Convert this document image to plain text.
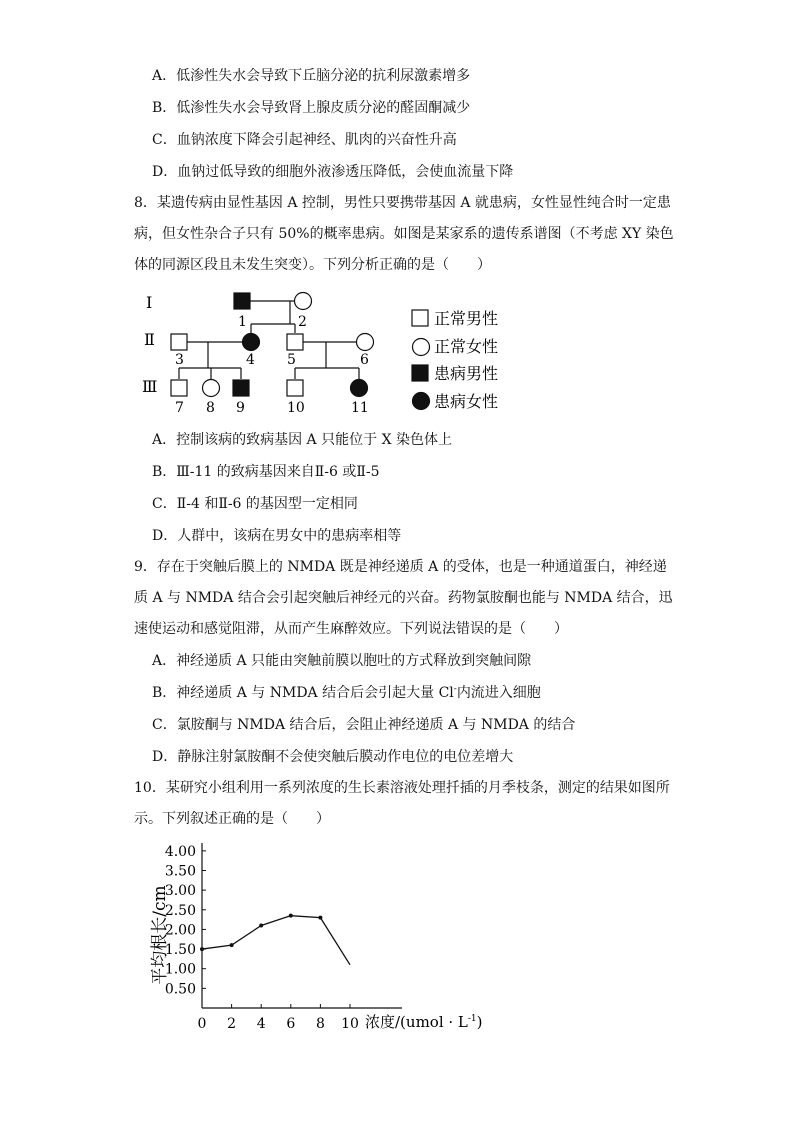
A．低渗性失水会导致下丘脑分泌的抗利尿激素增多
B．低渗性失水会导致肾上腺皮质分泌的醛固酮减少
C．血钠浓度下降会引起神经、肌肉的兴奋性升高
D．血钠过低导致的细胞外液渗透压降低，会使血流量下降
8．某遗传病由显性基因 A 控制，男性只要携带基因 A 就患病，女性显性纯合时一定患
病，但女性杂合子只有 50%的概率患病。如图是某家系的遗传系谱图（不考虑 XY 染色
体的同源区段且未发生突变）。下列分析正确的是（　　）
Ⅰ
Ⅱ
Ⅲ
1	2
3	4 5	6
7 8 9	10	11
正常男性
正常女性
患病男性
患病女性
A．控制该病的致病基因 A 只能位于 X 染色体上
B．Ⅲ-11 的致病基因来自Ⅱ-6 或Ⅱ-5
C．Ⅱ-4 和Ⅱ-6 的基因型一定相同
D．人群中，该病在男女中的患病率相等
9．存在于突触后膜上的 NMDA 既是神经递质 A 的受体，也是一种通道蛋白，神经递
质 A 与 NMDA 结合会引起突触后神经元的兴奋。药物氯胺酮也能与 NMDA 结合，迅
速使运动和感觉阻滞，从而产生麻醉效应。下列说法错误的是（　　）
A．神经递质 A 只能由突触前膜以胞吐的方式释放到突触间隙
B．神经递质 A 与 NMDA 结合后会引起大量 Cl-内流进入细胞
C．氯胺酮与 NMDA 结合后，会阻止神经递质 A 与 NMDA 的结合
D．静脉注射氯胺酮不会使突触后膜动作电位的电位差增大
10．某研究小组利用一系列浓度的生长素溶液处理扦插的月季枝条，测定的结果如图所
示。下列叙述正确的是（　　）
0.50
1.00
1.50
2.00
2.50
3.00
3.50
4.00
0 2 4 6 8 10
平均根长/cm
浓度/(umol · $L^{-1}$)
